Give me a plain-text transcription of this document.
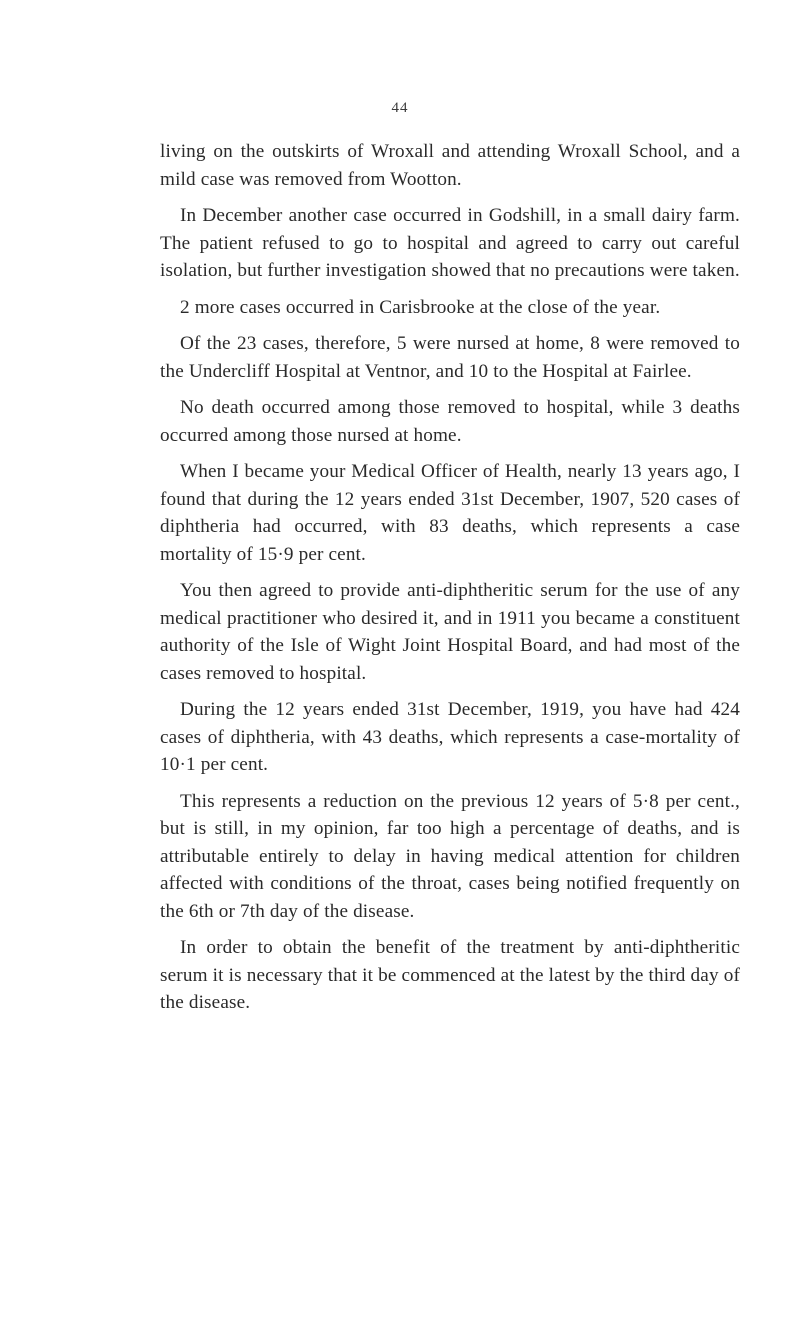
44

living on the outskirts of Wroxall and attending Wroxall School, and a mild case was removed from Wootton.

In December another case occurred in Godshill, in a small dairy farm. The patient refused to go to hospital and agreed to carry out careful isolation, but further investigation showed that no precautions were taken.

2 more cases occurred in Carisbrooke at the close of the year.

Of the 23 cases, therefore, 5 were nursed at home, 8 were removed to the Undercliff Hospital at Ventnor, and 10 to the Hospital at Fairlee.

No death occurred among those removed to hospital, while 3 deaths occurred among those nursed at home.

When I became your Medical Officer of Health, nearly 13 years ago, I found that during the 12 years ended 31st December, 1907, 520 cases of diphtheria had occurred, with 83 deaths, which represents a case mortality of 15·9 per cent.

You then agreed to provide anti-diphtheritic serum for the use of any medical practitioner who desired it, and in 1911 you became a constituent authority of the Isle of Wight Joint Hospital Board, and had most of the cases removed to hospital.

During the 12 years ended 31st December, 1919, you have had 424 cases of diphtheria, with 43 deaths, which represents a case-mortality of 10·1 per cent.

This represents a reduction on the previous 12 years of 5·8 per cent., but is still, in my opinion, far too high a percentage of deaths, and is attributable entirely to delay in having medical attention for children affected with conditions of the throat, cases being notified frequently on the 6th or 7th day of the disease.

In order to obtain the benefit of the treatment by anti-diphtheritic serum it is necessary that it be commenced at the latest by the third day of the disease.
